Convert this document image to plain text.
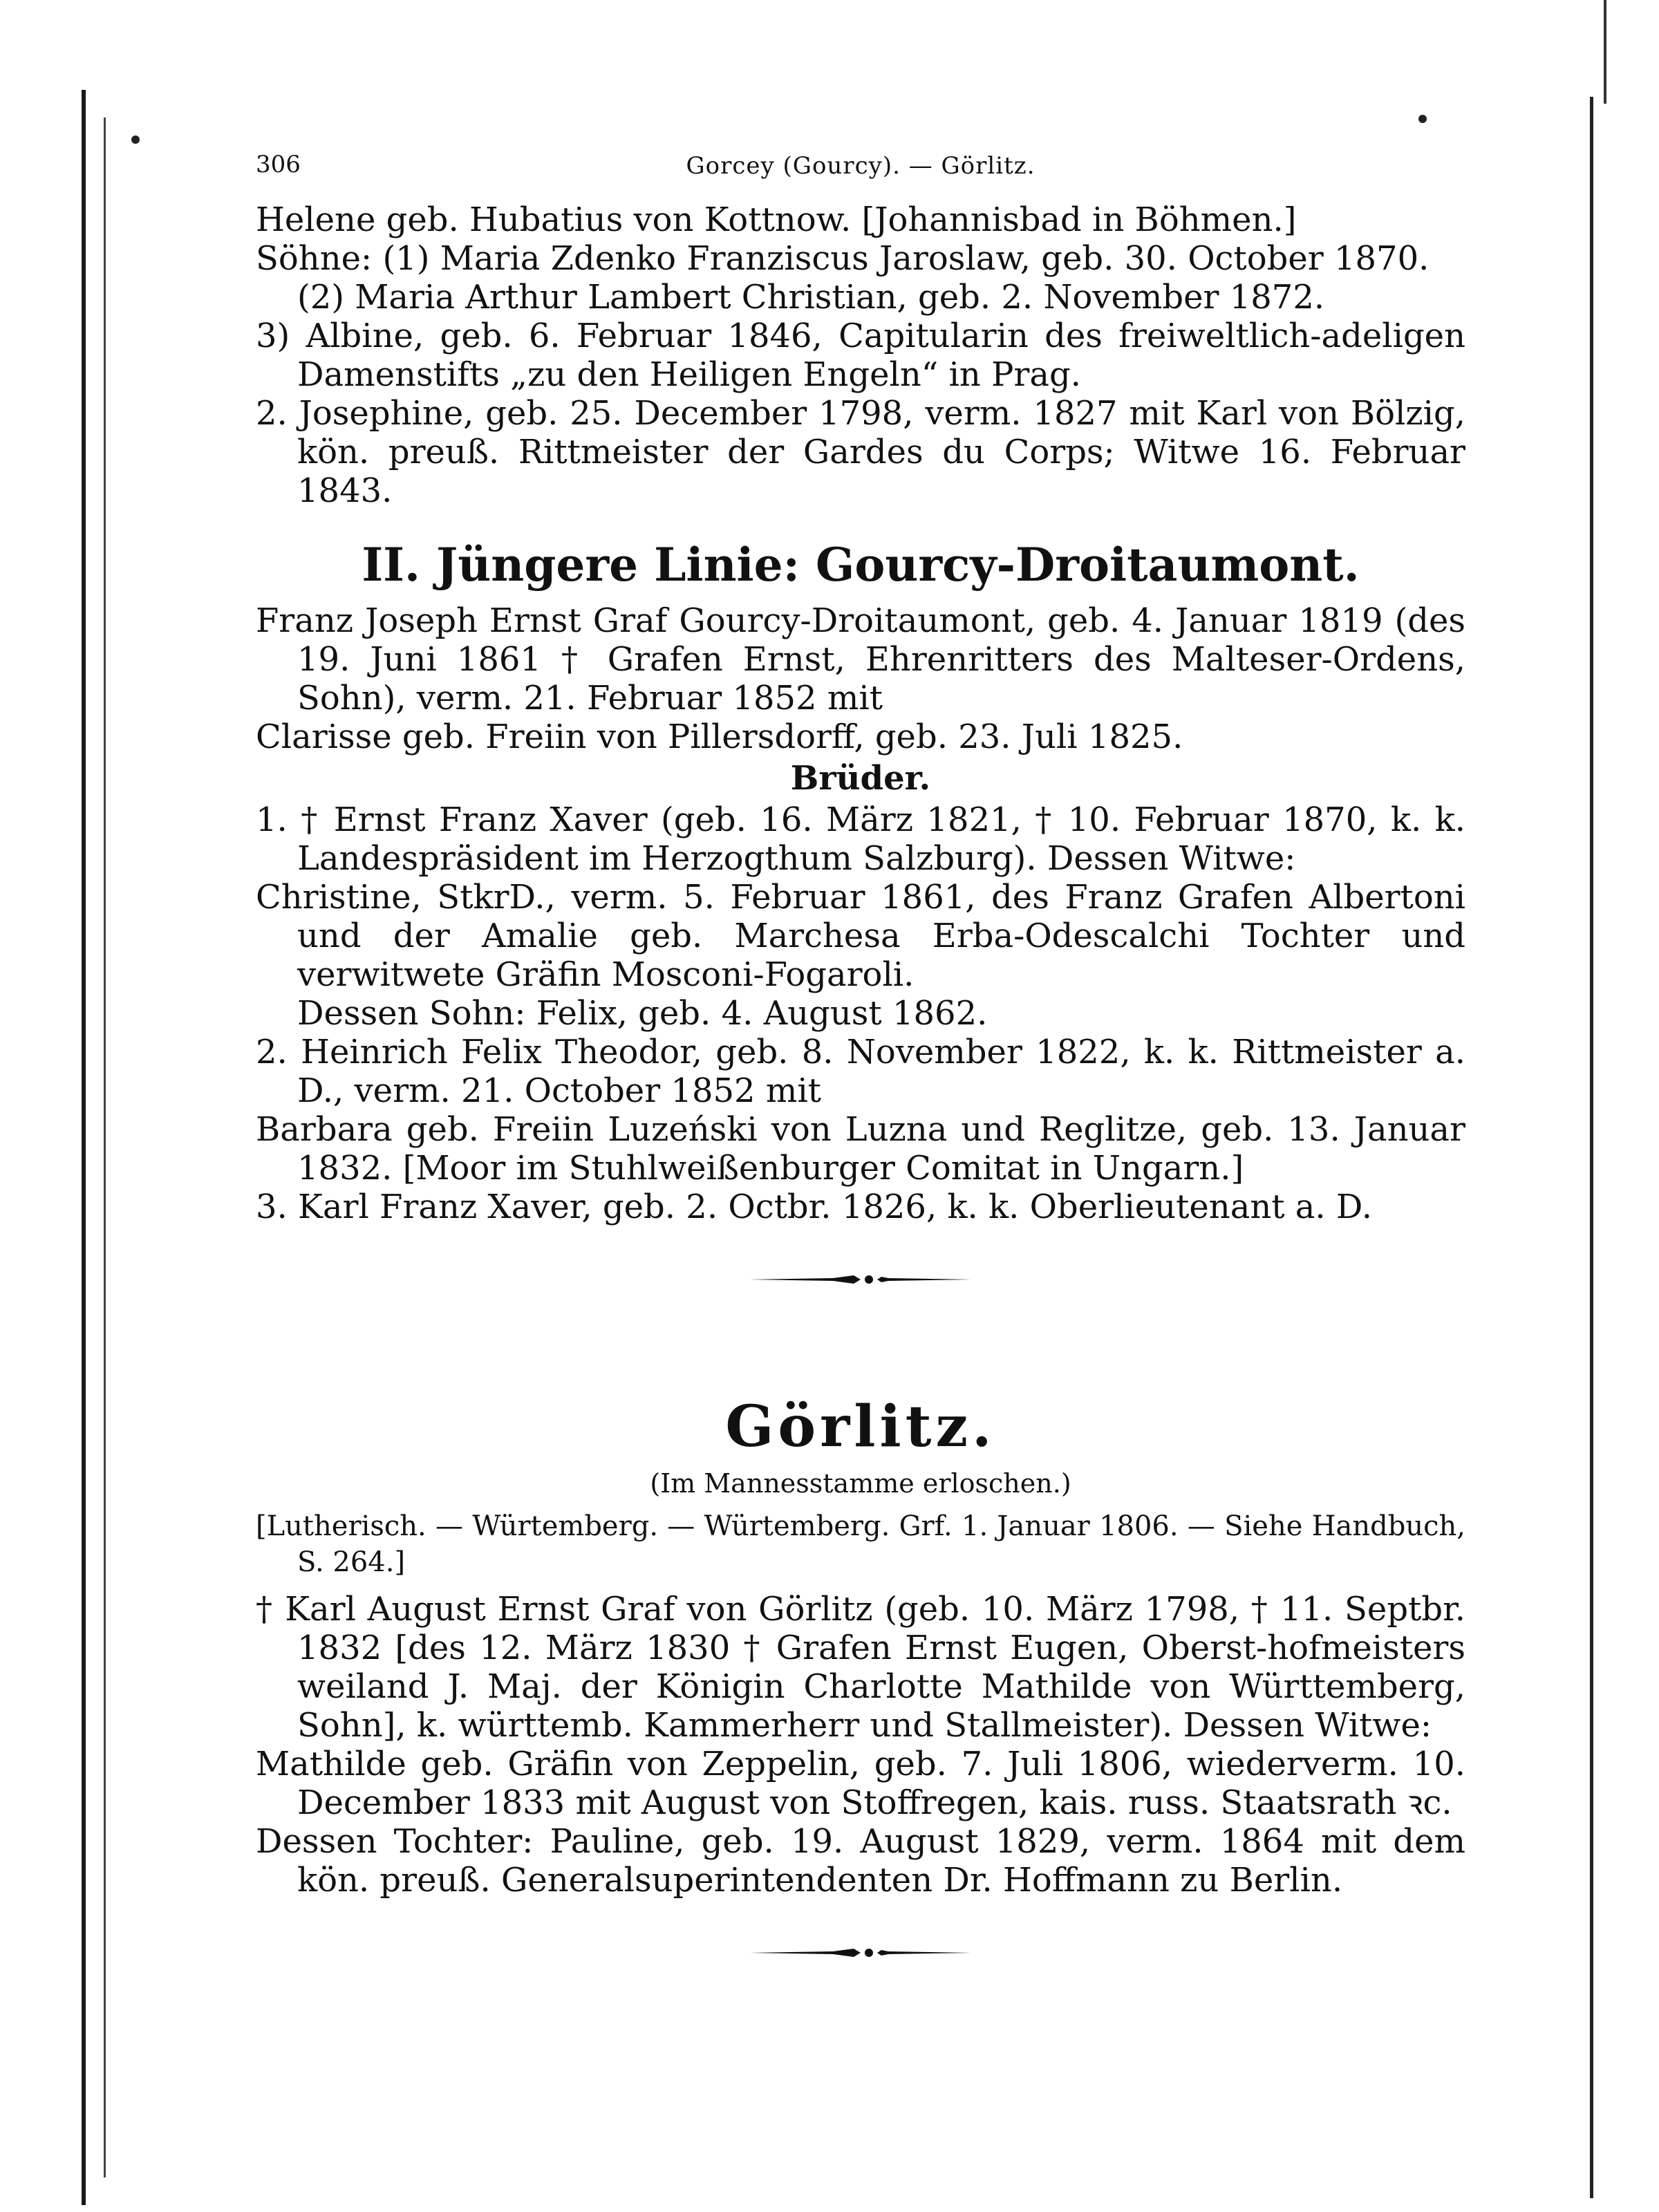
306	Gorcey (Gourcy). — Görlitz.

Helene geb. Hubatius von Kottnow. [Johannisbad in Böhmen.]

Söhne: (1) Maria Zdenko Franziscus Jaroslaw, geb. 30. October 1870.

(2) Maria Arthur Lambert Christian, geb. 2. November 1872.

3) Albine, geb. 6. Februar 1846, Capitularin des freiweltlich-adeligen Damenstifts „zu den Heiligen Engeln“ in Prag.

2. Josephine, geb. 25. December 1798, verm. 1827 mit Karl von Bölzig, kön. preuß. Rittmeister der Gardes du Corps; Witwe 16. Februar 1843.

II. Jüngere Linie: Gourcy-Droitaumont.

Franz Joseph Ernst Graf Gourcy-Droitaumont, geb. 4. Januar 1819 (des 19. Juni 1861 † Grafen Ernst, Ehrenritters des Malteser-Ordens, Sohn), verm. 21. Februar 1852 mit

Clarisse geb. Freiin von Pillersdorff, geb. 23. Juli 1825.

Brüder.

1. † Ernst Franz Xaver (geb. 16. März 1821, † 10. Februar 1870, k. k. Landespräsident im Herzogthum Salzburg). Dessen Witwe:

Christine, StkrD., verm. 5. Februar 1861, des Franz Grafen Albertoni und der Amalie geb. Marchesa Erba-Odescalchi Tochter und verwitwete Gräfin Mosconi-Fogaroli.

Dessen Sohn: Felix, geb. 4. August 1862.

2. Heinrich Felix Theodor, geb. 8. November 1822, k. k. Rittmeister a. D., verm. 21. October 1852 mit

Barbara geb. Freiin Luzeński von Luzna und Reglitze, geb. 13. Januar 1832. [Moor im Stuhlweißenburger Comitat in Ungarn.]

3. Karl Franz Xaver, geb. 2. Octbr. 1826, k. k. Oberlieutenant a. D.

Görlitz.
(Im Mannesstamme erloschen.)

[Lutherisch. — Würtemberg. — Würtemberg. Grf. 1. Januar 1806. — Siehe Handbuch, S. 264.]

† Karl August Ernst Graf von Görlitz (geb. 10. März 1798, † 11. Septbr. 1832 [des 12. März 1830 † Grafen Ernst Eugen, Oberst-hofmeisters weiland J. Maj. der Königin Charlotte Mathilde von Württemberg, Sohn], k. württemb. Kammerherr und Stallmeister). Dessen Witwe:

Mathilde geb. Gräfin von Zeppelin, geb. 7. Juli 1806, wiederverm. 10. December 1833 mit August von Stoffregen, kais. russ. Staatsrath ꝛc.

Dessen Tochter: Pauline, geb. 19. August 1829, verm. 1864 mit dem kön. preuß. Generalsuperintendenten Dr. Hoffmann zu Berlin.
